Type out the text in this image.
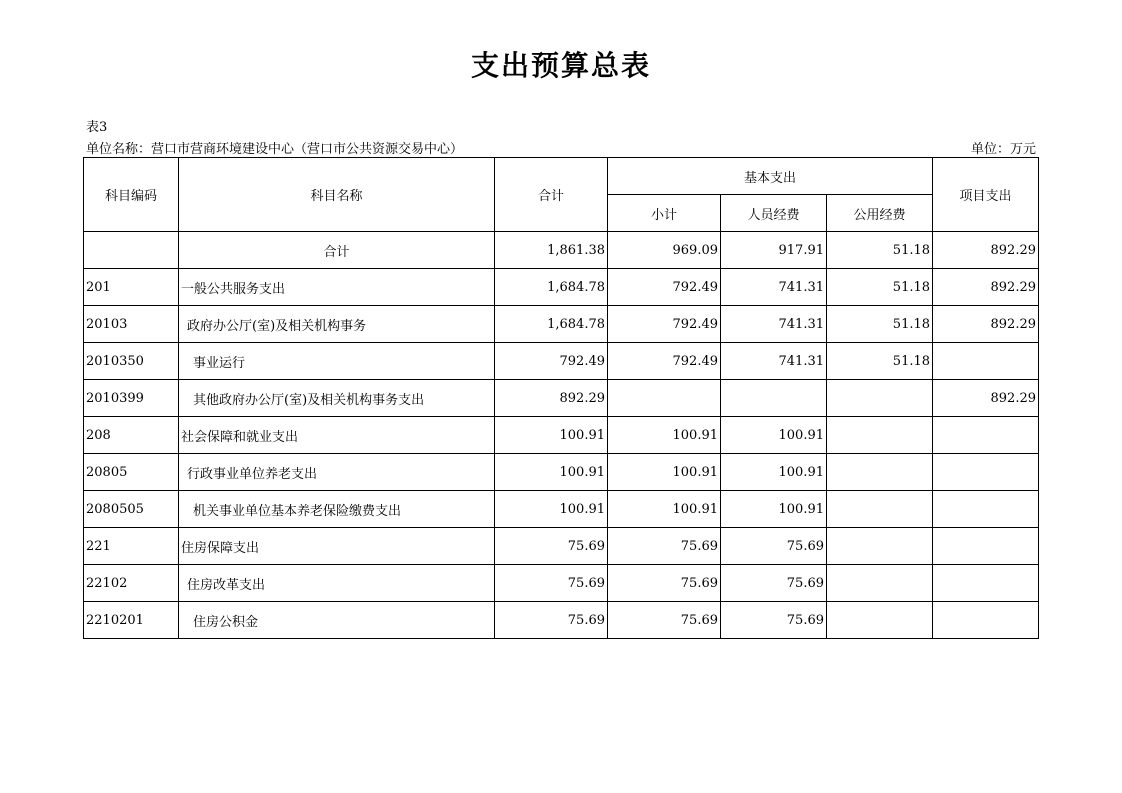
支出预算总表
表3
单位名称：营口市营商环境建设中心（营口市公共资源交易中心）	单位：万元
科目编码	科目名称	合计	基本支出			项目支出
			小计	人员经费	公用经费	
	合计	1,861.38	969.09	917.91	51.18	892.29
201	一般公共服务支出	1,684.78	792.49	741.31	51.18	892.29
20103	政府办公厅(室)及相关机构事务	1,684.78	792.49	741.31	51.18	892.29
2010350	事业运行	792.49	792.49	741.31	51.18	
2010399	其他政府办公厅(室)及相关机构事务支出	892.29				892.29
208	社会保障和就业支出	100.91	100.91	100.91		
20805	行政事业单位养老支出	100.91	100.91	100.91		
2080505	机关事业单位基本养老保险缴费支出	100.91	100.91	100.91		
221	住房保障支出	75.69	75.69	75.69		
22102	住房改革支出	75.69	75.69	75.69		
2210201	住房公积金	75.69	75.69	75.69		
